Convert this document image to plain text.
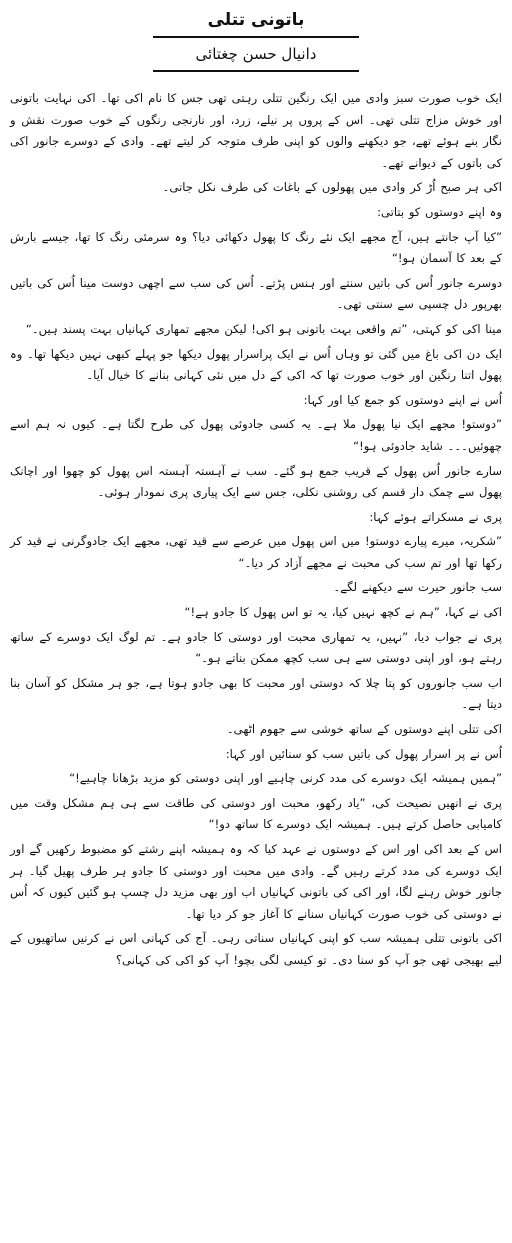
باتونی تتلی
دانیال حسن چغتائی

ایک خوب صورت سبز وادی میں ایک رنگین تتلی رہتی تھی جس کا نام اکی تھا۔ اکی نہایت باتونی اور خوش مزاج تتلی تھی۔ اس کے پروں پر نیلے، زرد، اور نارنجی رنگوں کے خوب صورت نقش و نگار بنے ہوئے تھے، جو دیکھنے والوں کو اپنی طرف متوجہ کر لیتے تھے۔ وادی کے دوسرے جانور اکی کی باتوں کے دیوانے تھے۔

اکی ہر صبح اُڑ کر وادی میں پھولوں کے باغات کی طرف نکل جاتی۔

وہ اپنے دوستوں کو بتاتی:

”کیا آپ جانتے ہیں، آج مجھے ایک نئے رنگ کا پھول دکھائی دیا؟ وہ سرمئی رنگ کا تھا، جیسے بارش کے بعد کا آسمان ہو!“

دوسرے جانور اُس کی باتیں سنتے اور ہنس پڑتے۔ اُس کی سب سے اچھی دوست مینا اُس کی باتیں بھرپور دل چسپی سے سنتی تھی۔

مینا اکی کو کہتی، ”تم واقعی بہت باتونی ہو اکی! لیکن مجھے تمھاری کہانیاں بہت پسند ہیں۔“

ایک دن اکی باغ میں گئی تو وہاں اُس نے ایک پراسرار پھول دیکھا جو پہلے کبھی نہیں دیکھا تھا۔ وہ پھول اتنا رنگین اور خوب صورت تھا کہ اکی کے دل میں نئی کہانی بنانے کا خیال آیا۔

اُس نے اپنے دوستوں کو جمع کیا اور کہا:

”دوستو! مجھے ایک نیا پھول ملا ہے۔ یہ کسی جادوئی پھول کی طرح لگتا ہے۔ کیوں نہ ہم اسے چھوئیں۔۔۔ شاید جادوئی ہو!“

سارے جانور اُس پھول کے قریب جمع ہو گئے۔ سب نے آہستہ آہستہ اس پھول کو چھوا اور اچانک پھول سے چمک دار قسم کی روشنی نکلی، جس سے ایک پیاری پری نمودار ہوئی۔

پری نے مسکراتے ہوئے کہا:

”شکریہ، میرے پیارے دوستو! میں اس پھول میں عرصے سے قید تھی، مجھے ایک جادوگرنی نے قید کر رکھا تھا اور تم سب کی محبت نے مجھے آزاد کر دیا۔“

سب جانور حیرت سے دیکھنے لگے۔

اکی نے کہا، ”ہم نے کچھ نہیں کیا، یہ تو اس پھول کا جادو ہے!“

پری نے جواب دیا، ”نہیں، یہ تمھاری محبت اور دوستی کا جادو ہے۔ تم لوگ ایک دوسرے کے ساتھ رہتے ہو، اور اپنی دوستی سے ہی سب کچھ ممکن بناتے ہو۔“

اب سب جانوروں کو پتا چلا کہ دوستی اور محبت کا بھی جادو ہوتا ہے، جو ہر مشکل کو آسان بنا دیتا ہے۔

اکی تتلی اپنے دوستوں کے ساتھ خوشی سے جھوم اٹھی۔

اُس نے پر اسرار پھول کی باتیں سب کو سنائیں اور کہا:

”ہمیں ہمیشہ ایک دوسرے کی مدد کرنی چاہیے اور اپنی دوستی کو مزید بڑھانا چاہیے!“

پری نے انھیں نصیحت کی، ”یاد رکھو، محبت اور دوستی کی طاقت سے ہی ہم مشکل وقت میں کامیابی حاصل کرتے ہیں۔ ہمیشہ ایک دوسرے کا ساتھ دو!“

اس کے بعد اکی اور اس کے دوستوں نے عہد کیا کہ وہ ہمیشہ اپنے رشتے کو مضبوط رکھیں گے اور ایک دوسرے کی مدد کرتے رہیں گے۔ وادی میں محبت اور دوستی کا جادو ہر طرف پھیل گیا۔ ہر جانور خوش رہنے لگا، اور اکی کی باتونی کہانیاں اب اور بھی مزید دل چسپ ہو گئیں کیوں کہ اُس نے دوستی کی خوب صورت کہانیاں سنانے کا آغاز جو کر دیا تھا۔

اکی باتونی تتلی ہمیشہ سب کو اپنی کہانیاں سناتی رہی۔ آج کی کہانی اس نے کرنیں ساتھیوں کے لیے بھیجی تھی جو آپ کو سنا دی۔ تو کیسی لگی بچو! آپ کو اکی کی کہانی؟
